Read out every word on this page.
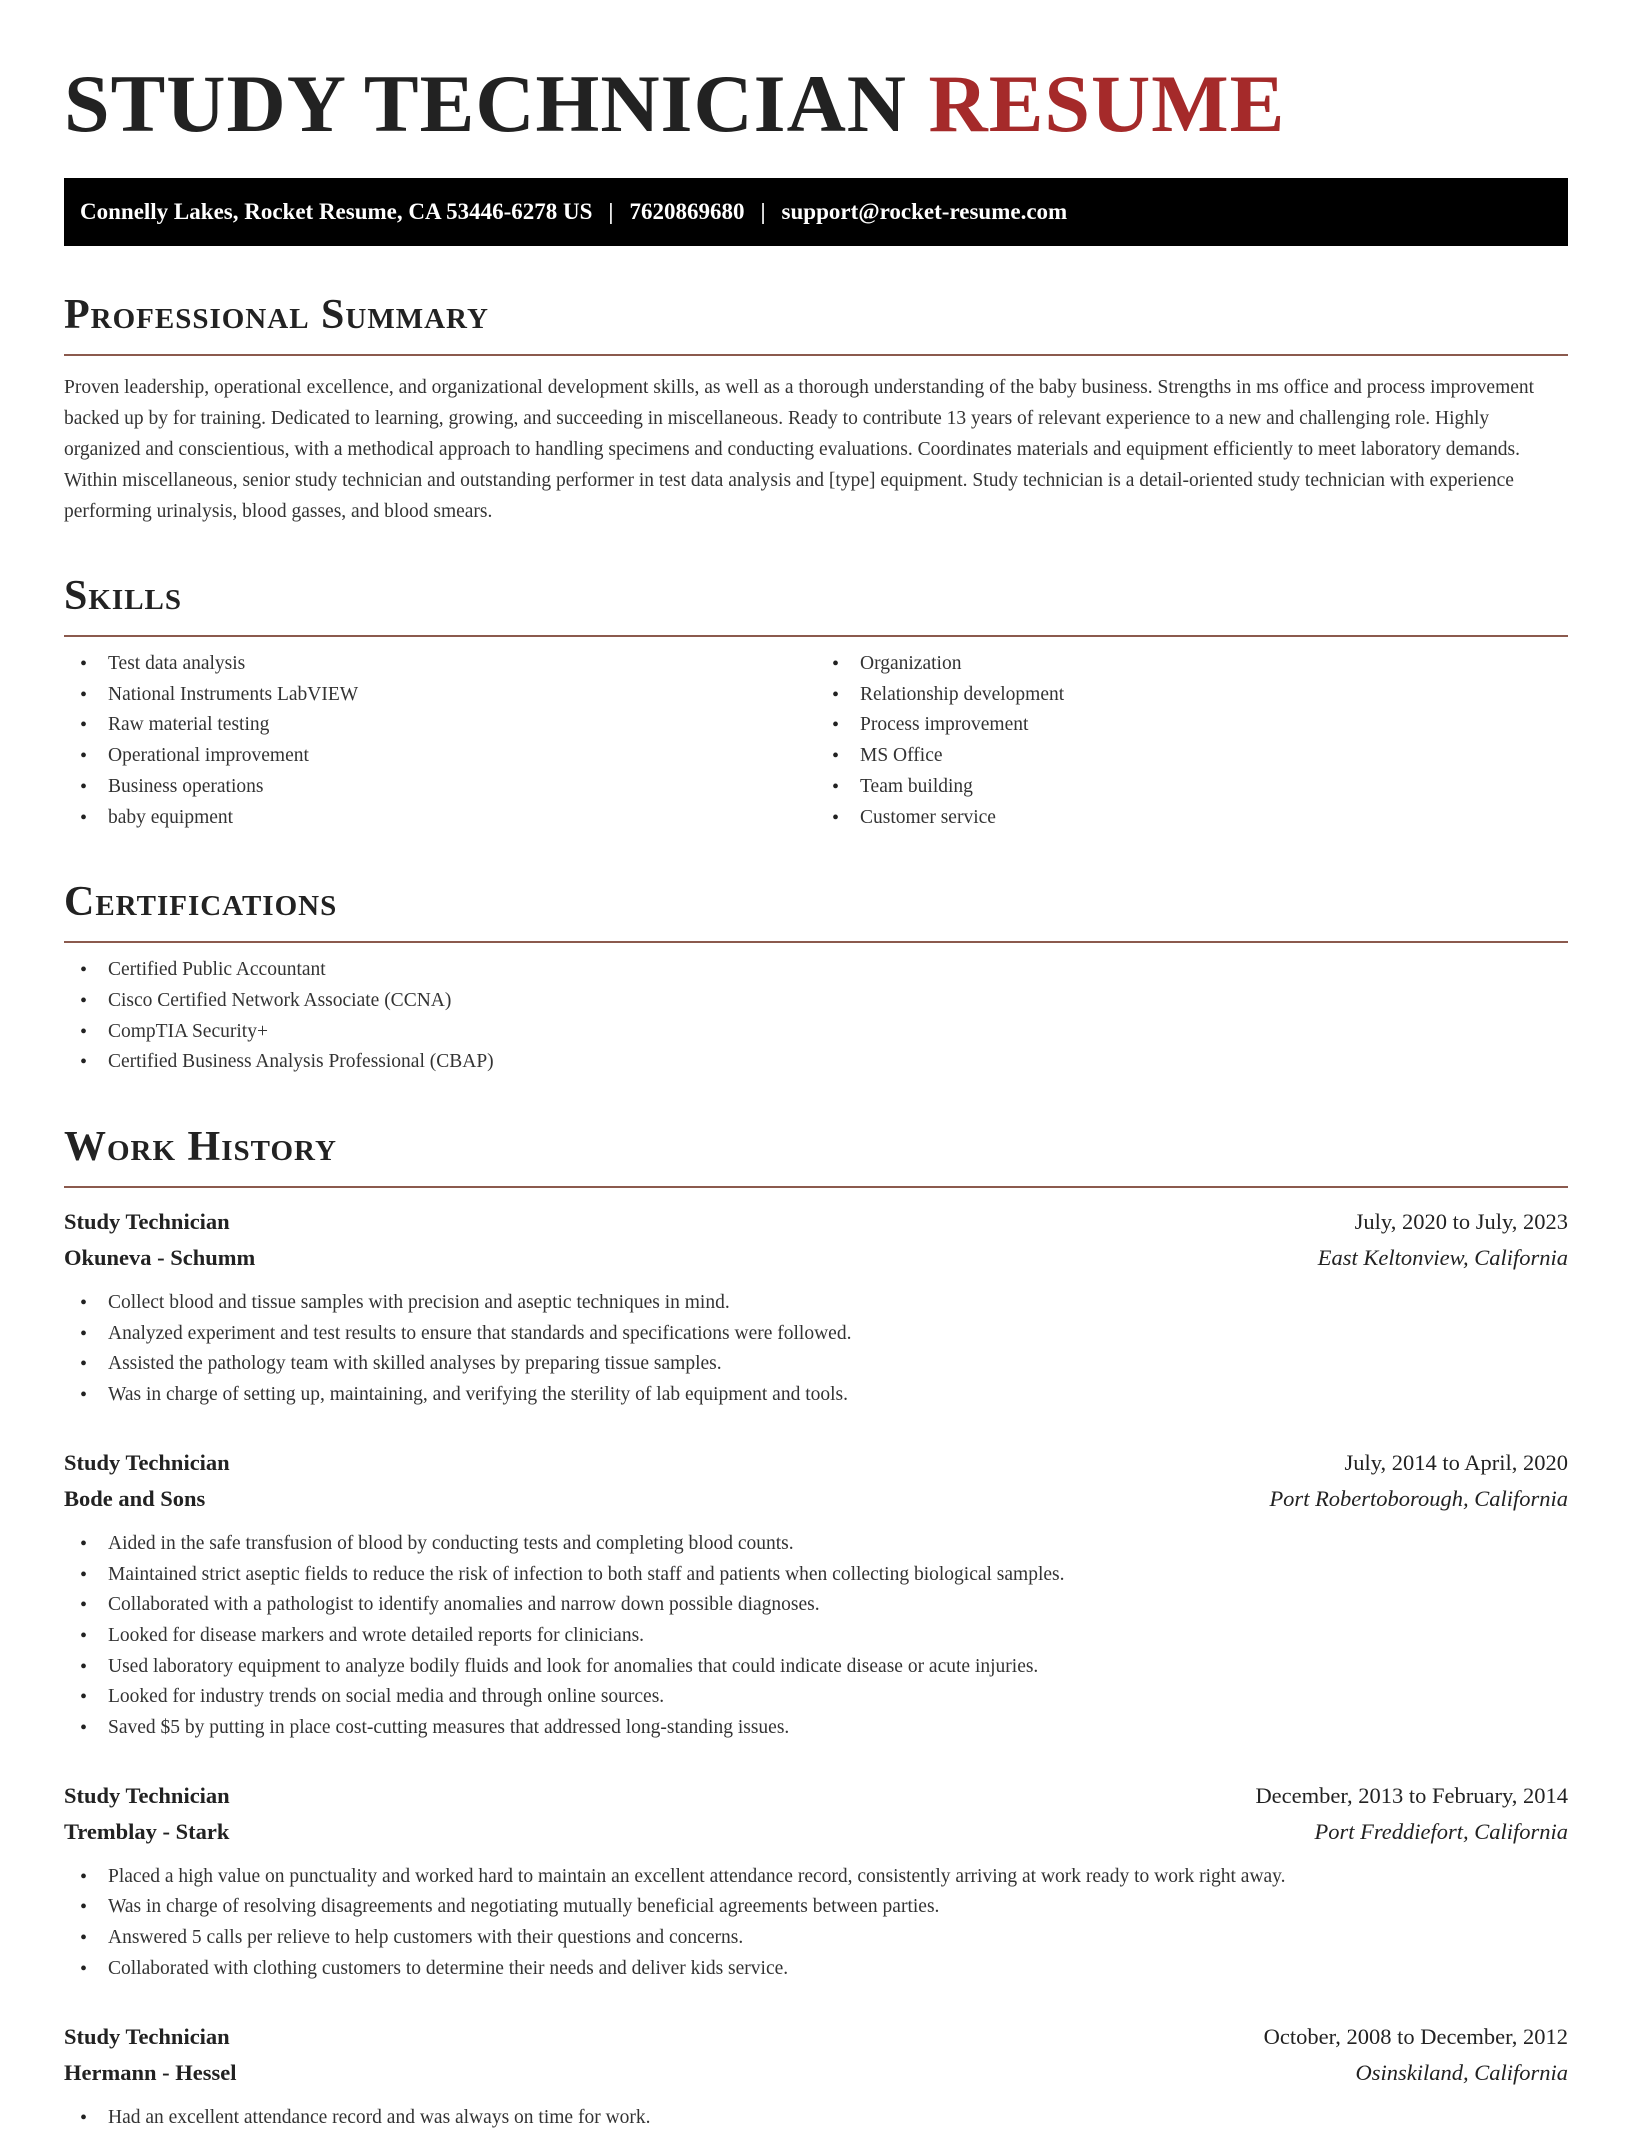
STUDY TECHNICIAN RESUME
Connelly Lakes, Rocket Resume, CA 53446-6278 US | 7620869680 | support@rocket-resume.com
Professional Summary

Proven leadership, operational excellence, and organizational development skills, as well as a thorough understanding of the baby business. Strengths in ms office and process improvement backed up by for training. Dedicated to learning, growing, and succeeding in miscellaneous. Ready to contribute 13 years of relevant experience to a new and challenging role. Highly organized and conscientious, with a methodical approach to handling specimens and conducting evaluations. Coordinates materials and equipment efficiently to meet laboratory demands. Within miscellaneous, senior study technician and outstanding performer in test data analysis and [type] equipment. Study technician is a detail-oriented study technician with experience performing urinalysis, blood gasses, and blood smears.

Skills
• Test data analysis
• National Instruments LabVIEW
• Raw material testing
• Operational improvement
• Business operations
• baby equipment
• Organization
• Relationship development
• Process improvement
• MS Office
• Team building
• Customer service
Certifications
• Certified Public Accountant
• Cisco Certified Network Associate (CCNA)
• CompTIA Security+
• Certified Business Analysis Professional (CBAP)
Work History
Study Technician	July, 2020 to July, 2023
Okuneva - Schumm	East Keltonview, California
• Collect blood and tissue samples with precision and aseptic techniques in mind.
• Analyzed experiment and test results to ensure that standards and specifications were followed.
• Assisted the pathology team with skilled analyses by preparing tissue samples.
• Was in charge of setting up, maintaining, and verifying the sterility of lab equipment and tools.
Study Technician	July, 2014 to April, 2020
Bode and Sons	Port Robertoborough, California
• Aided in the safe transfusion of blood by conducting tests and completing blood counts.
• Maintained strict aseptic fields to reduce the risk of infection to both staff and patients when collecting biological samples.
• Collaborated with a pathologist to identify anomalies and narrow down possible diagnoses.
• Looked for disease markers and wrote detailed reports for clinicians.
• Used laboratory equipment to analyze bodily fluids and look for anomalies that could indicate disease or acute injuries.
• Looked for industry trends on social media and through online sources.
• Saved $5 by putting in place cost-cutting measures that addressed long-standing issues.
Study Technician	December, 2013 to February, 2014
Tremblay - Stark	Port Freddiefort, California
• Placed a high value on punctuality and worked hard to maintain an excellent attendance record, consistently arriving at work ready to work right away.
• Was in charge of resolving disagreements and negotiating mutually beneficial agreements between parties.
• Answered 5 calls per relieve to help customers with their questions and concerns.
• Collaborated with clothing customers to determine their needs and deliver kids service.
Study Technician	October, 2008 to December, 2012
Hermann - Hessel	Osinskiland, California
• Had an excellent attendance record and was always on time for work.
